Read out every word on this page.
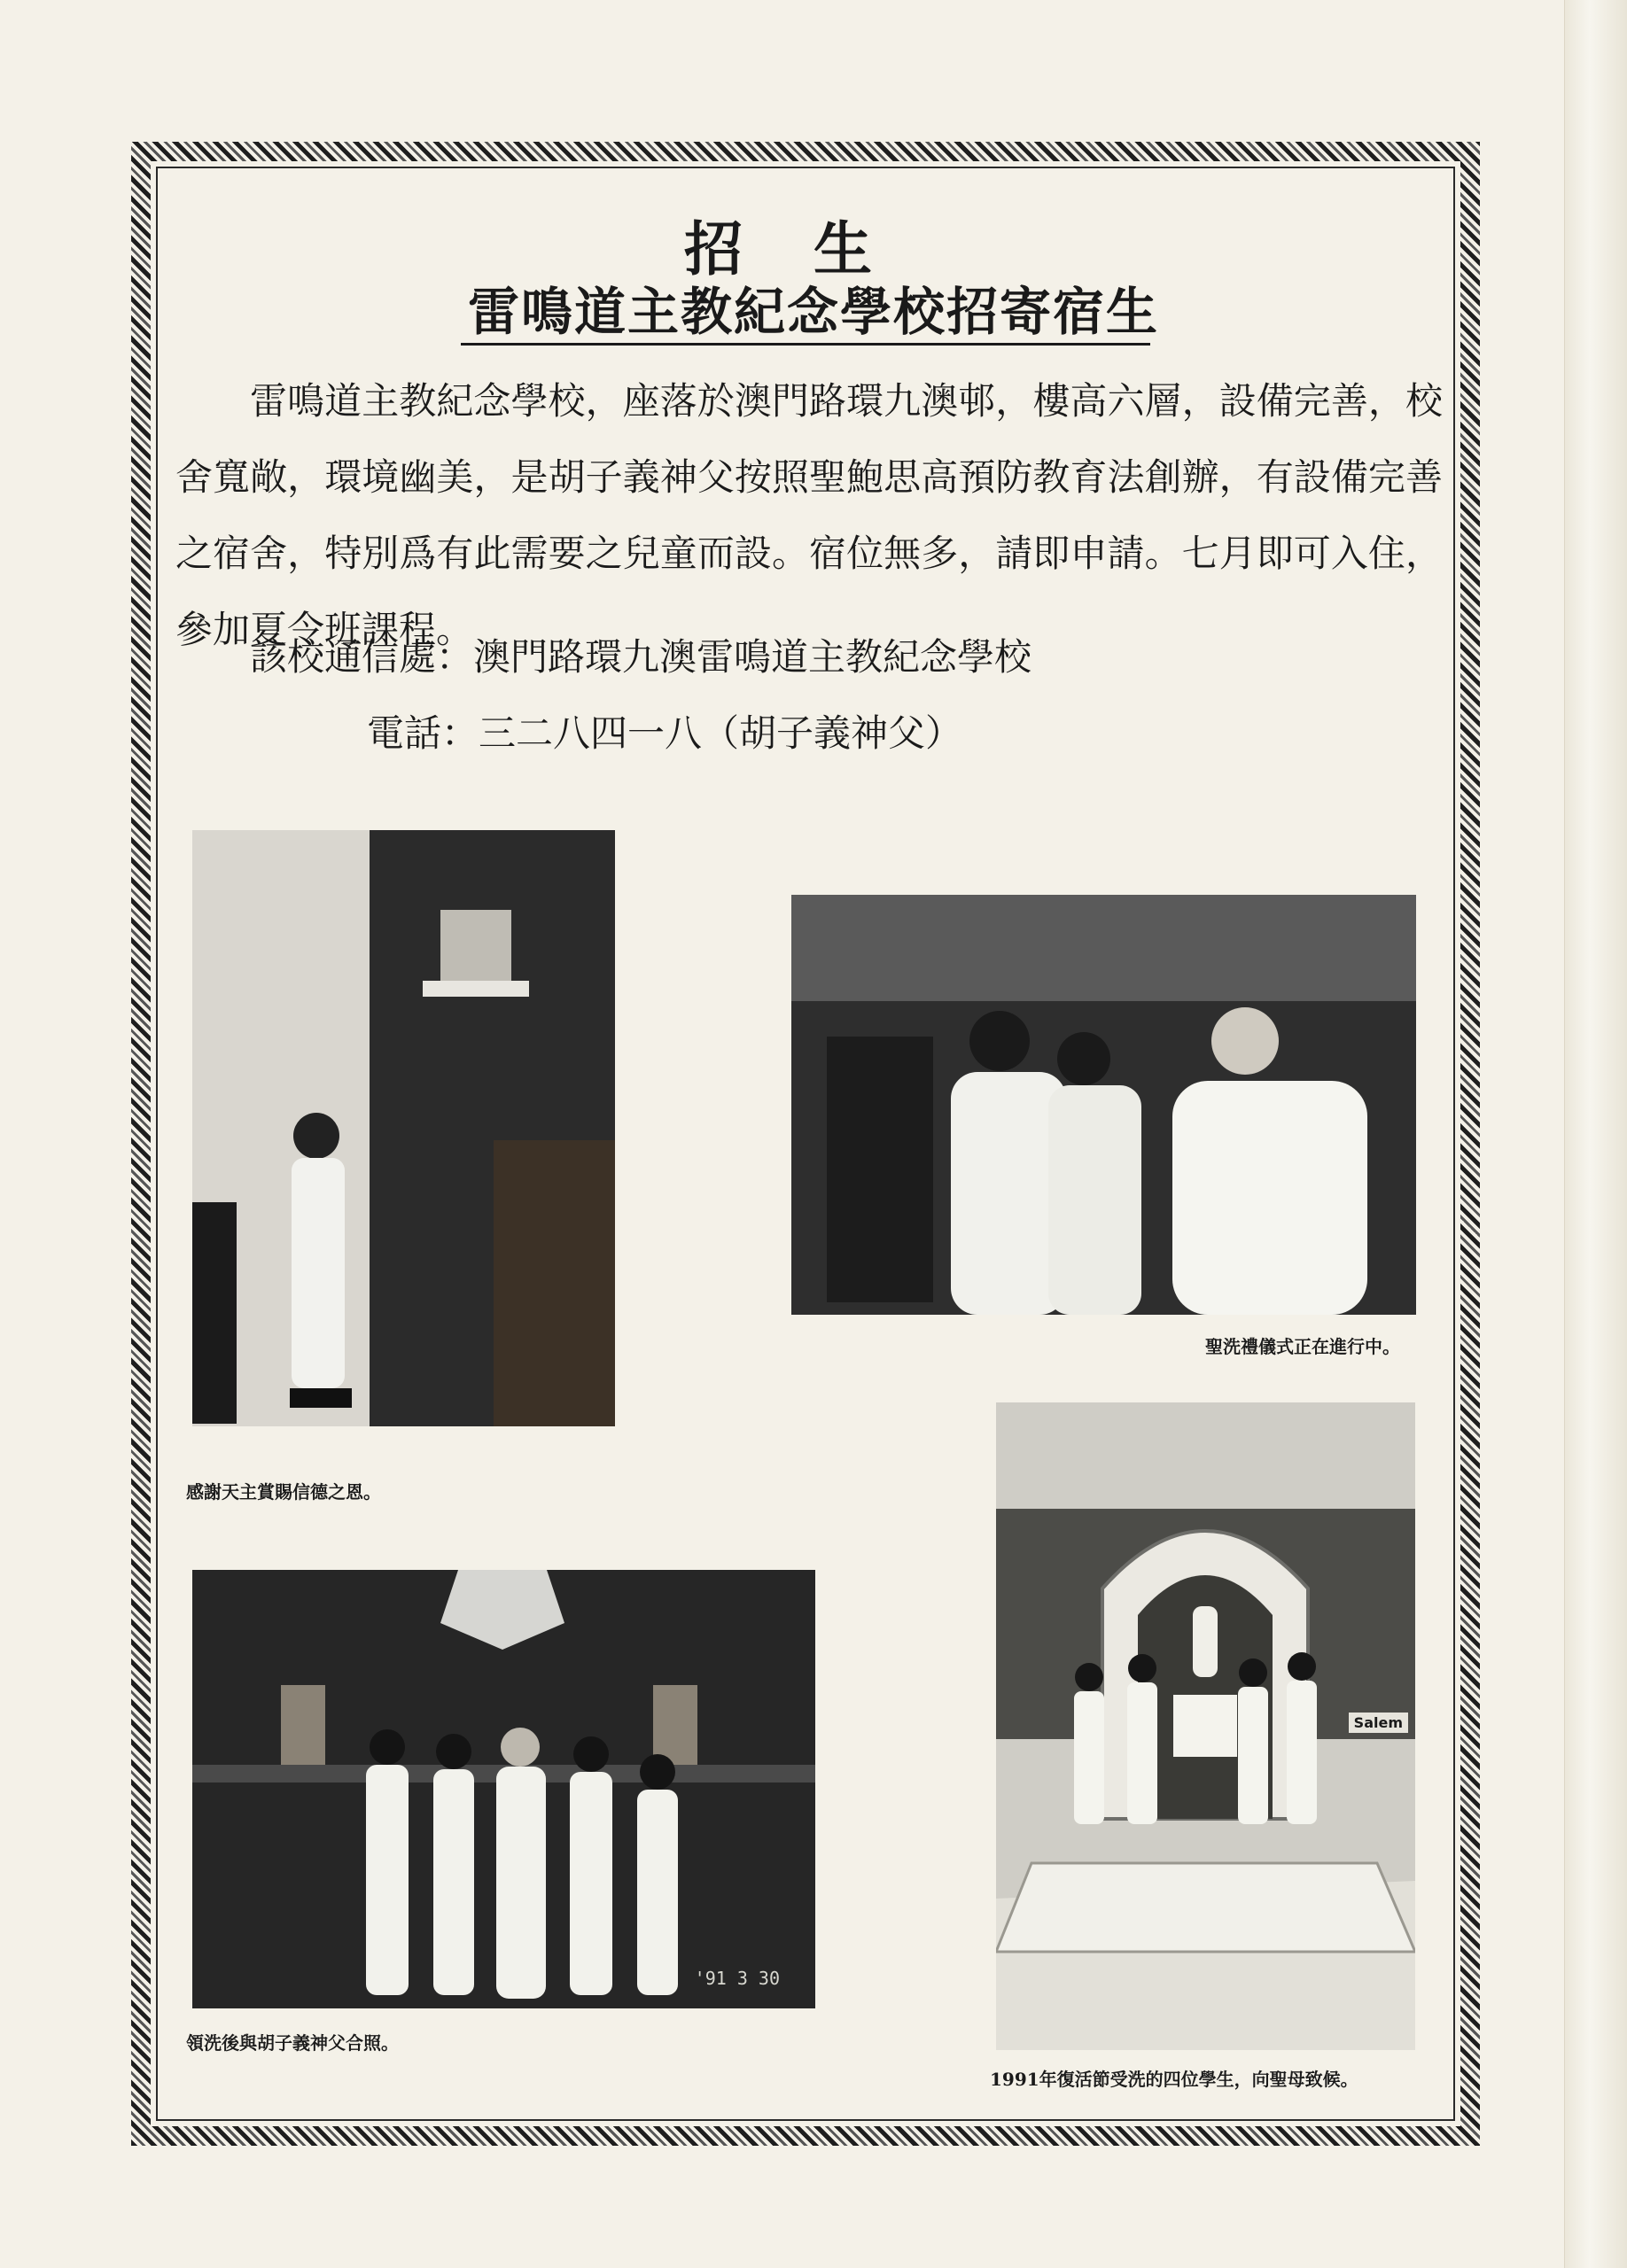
招生
雷鳴道主教紀念學校招寄宿生

雷鳴道主教紀念學校，座落於澳門路環九澳邨，樓高六層，設備完善，校舍寬敞，環境幽美，是胡子義神父按照聖鮑思高預防教育法創辦，有設備完善之宿舍，特別爲有此需要之兒童而設。宿位無多，請即申請。七月即可入住，參加夏令班課程。

該校通信處：澳門路環九澳雷鳴道主教紀念學校
電話：三二八四一八（胡子義神父）
感謝天主賞賜信德之恩。
聖洗禮儀式正在進行中。
'91 3 30
領洗後與胡子義神父合照。
Salem
1991年復活節受洗的四位學生，向聖母致候。
